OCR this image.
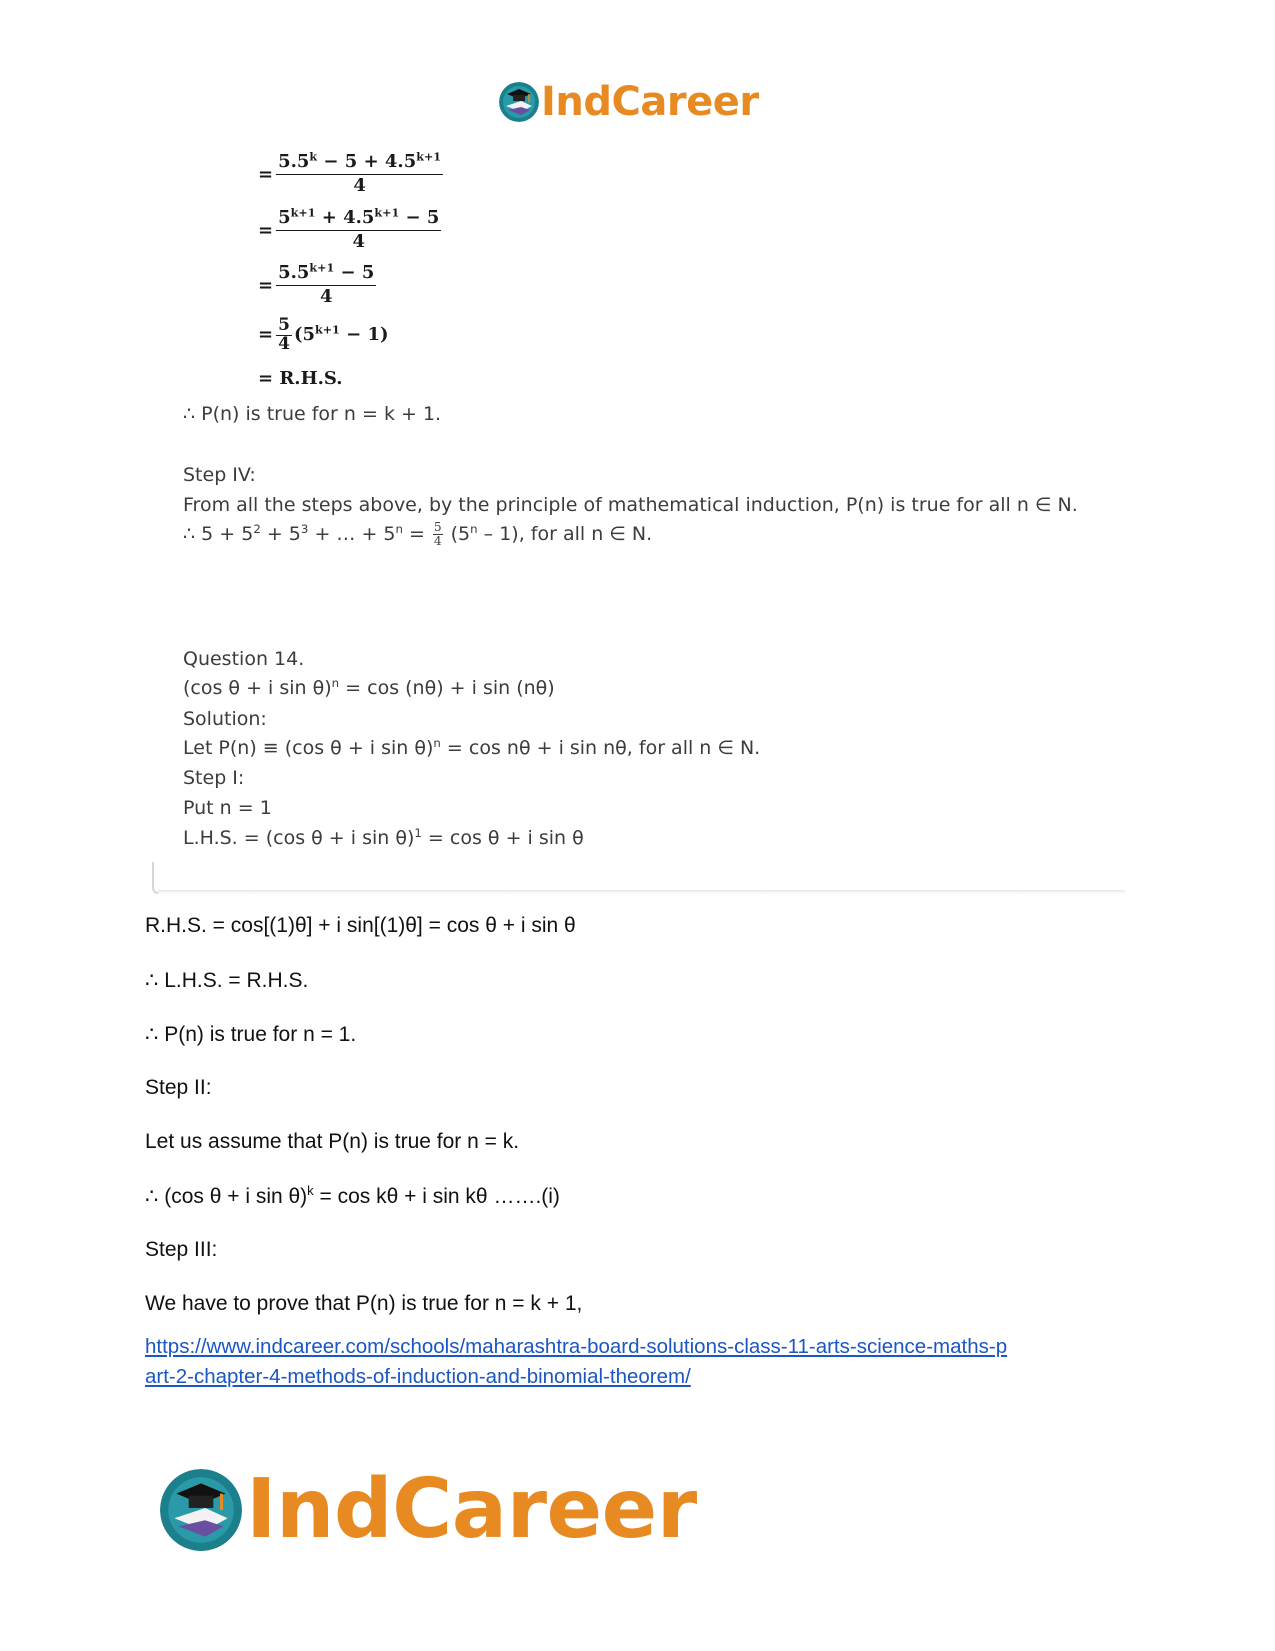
IndCareer
= $\frac{5.5^k - 5 + 4.5^{k+1}}{4}$
= $\frac{5^{k+1} + 4.5^{k+1} - 5}{4}$
= $\frac{5.5^{k+1} - 5}{4}$
= $\frac{5}{4} (5^{k+1} - 1)$
= R.H.S.
∴ P(n) is true for n = k + 1.
Step IV:
From all the steps above, by the principle of mathematical induction, P(n) is true for all n ∈ N.
∴ $5 + 5^2 + 5^3$ + … + $5^n = \frac{5}{4} (5^n - 1)$, for all n ∈ N.
Question 14.
(cos θ + i sin θ)$^n$ = cos (nθ) + i sin (nθ)
Solution:
Let P(n) ≡ (cos θ + i sin θ)$^n$ = cos nθ + i sin nθ, for all n ∈ N.
Step I:
Put n = 1
L.H.S. = (cos θ + i sin θ)$^1$ = cos θ + i sin θ
R.H.S. = cos[(1)θ] + i sin[(1)θ] = cos θ + i sin θ
∴ L.H.S. = R.H.S.
∴ P(n) is true for n = 1.
Step II:
Let us assume that P(n) is true for n = k.
∴ (cos θ + i sin θ)$^k$ = cos kθ + i sin kθ …….(i)
Step III:
We have to prove that P(n) is true for n = k + 1,
https://www.indcareer.com/schools/maharashtra-board-solutions-class-11-arts-science-maths-p
art-2-chapter-4-methods-of-induction-and-binomial-theorem/
IndCareer
